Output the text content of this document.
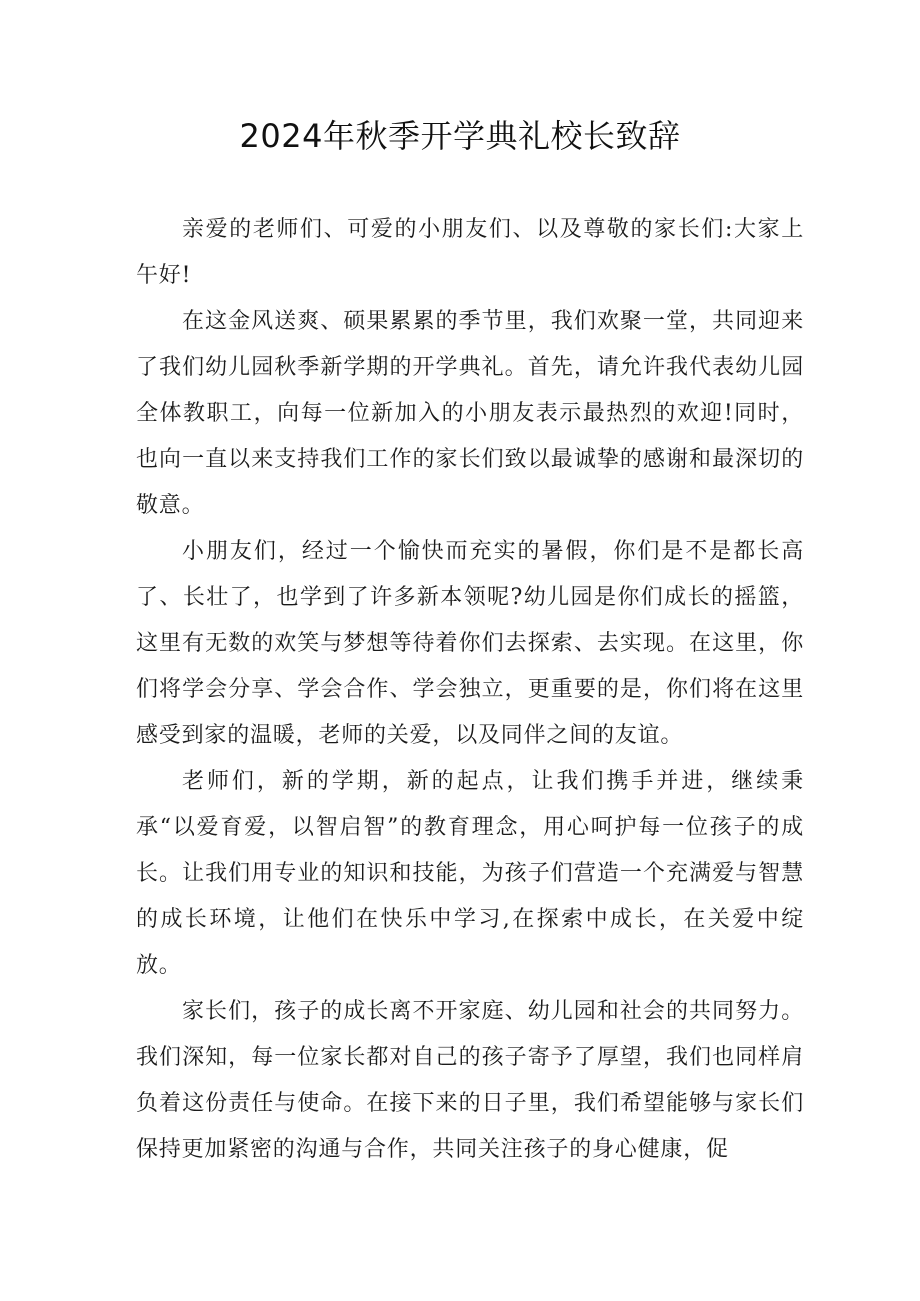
2024年秋季开学典礼校长致辞

亲爱的老师们、可爱的小朋友们、以及尊敬的家长们:大家上午好!

在这金风送爽、硕果累累的季节里，我们欢聚一堂，共同迎来了我们幼儿园秋季新学期的开学典礼。首先，请允许我代表幼儿园全体教职工，向每一位新加入的小朋友表示最热烈的欢迎!同时，也向一直以来支持我们工作的家长们致以最诚挚的感谢和最深切的敬意。

小朋友们，经过一个愉快而充实的暑假，你们是不是都长高了、长壮了，也学到了许多新本领呢?幼儿园是你们成长的摇篮，这里有无数的欢笑与梦想等待着你们去探索、去实现。在这里，你们将学会分享、学会合作、学会独立，更重要的是，你们将在这里感受到家的温暖，老师的关爱，以及同伴之间的友谊。

老师们，新的学期，新的起点，让我们携手并进，继续秉承“以爱育爱，以智启智”的教育理念，用心呵护每一位孩子的成长。让我们用专业的知识和技能，为孩子们营造一个充满爱与智慧的成长环境，让他们在快乐中学习,在探索中成长，在关爱中绽放。

家长们，孩子的成长离不开家庭、幼儿园和社会的共同努力。我们深知，每一位家长都对自己的孩子寄予了厚望，我们也同样肩负着这份责任与使命。在接下来的日子里，我们希望能够与家长们保持更加紧密的沟通与合作，共同关注孩子的身心健康，促
